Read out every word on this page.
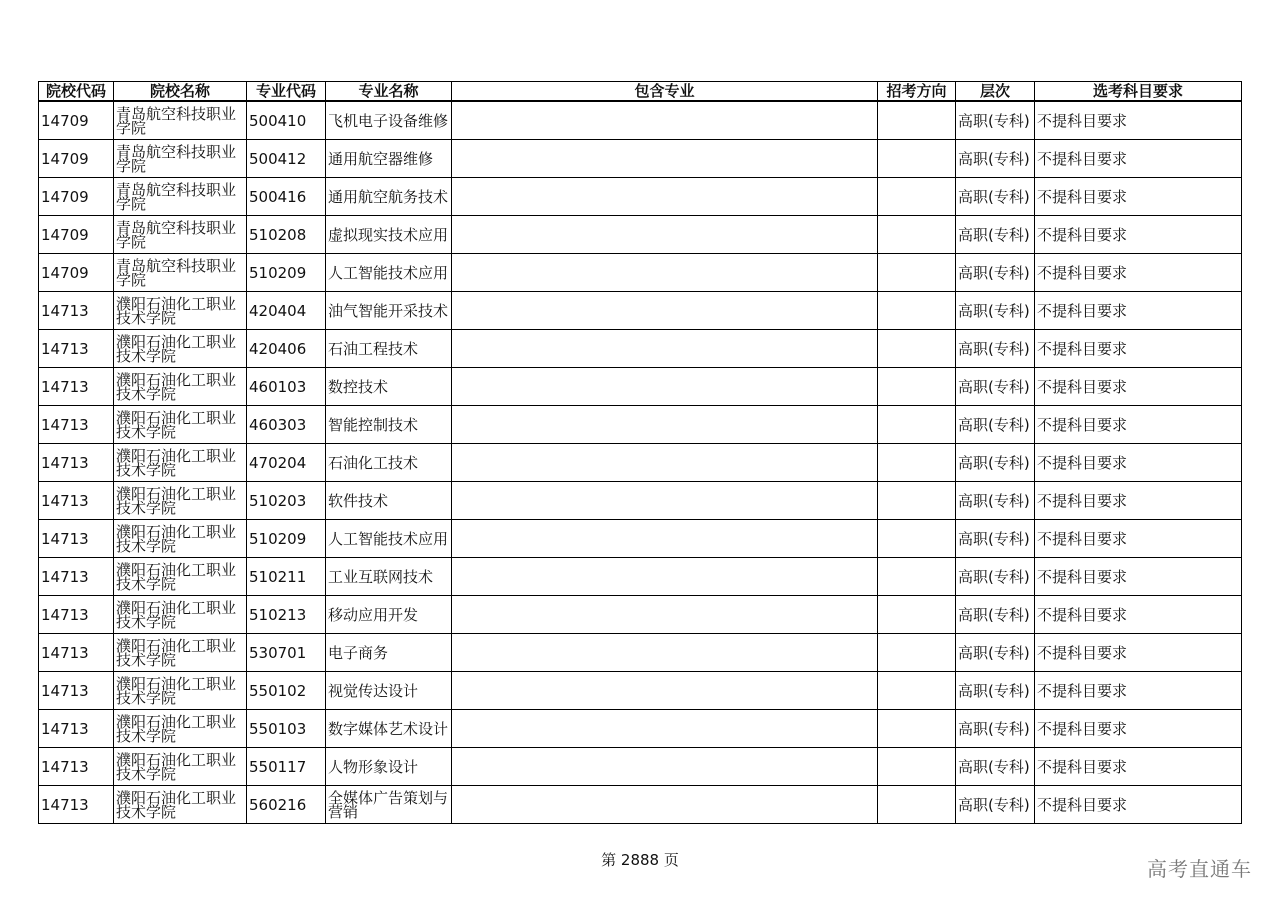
院校代码	院校名称	专业代码	专业名称	包含专业	招考方向	层次	选考科目要求
14709	青岛航空科技职业学院	500410	飞机电子设备维修			高职(专科)	不提科目要求
14709	青岛航空科技职业学院	500412	通用航空器维修			高职(专科)	不提科目要求
14709	青岛航空科技职业学院	500416	通用航空航务技术			高职(专科)	不提科目要求
14709	青岛航空科技职业学院	510208	虚拟现实技术应用			高职(专科)	不提科目要求
14709	青岛航空科技职业学院	510209	人工智能技术应用			高职(专科)	不提科目要求
14713	濮阳石油化工职业技术学院	420404	油气智能开采技术			高职(专科)	不提科目要求
14713	濮阳石油化工职业技术学院	420406	石油工程技术			高职(专科)	不提科目要求
14713	濮阳石油化工职业技术学院	460103	数控技术			高职(专科)	不提科目要求
14713	濮阳石油化工职业技术学院	460303	智能控制技术			高职(专科)	不提科目要求
14713	濮阳石油化工职业技术学院	470204	石油化工技术			高职(专科)	不提科目要求
14713	濮阳石油化工职业技术学院	510203	软件技术			高职(专科)	不提科目要求
14713	濮阳石油化工职业技术学院	510209	人工智能技术应用			高职(专科)	不提科目要求
14713	濮阳石油化工职业技术学院	510211	工业互联网技术			高职(专科)	不提科目要求
14713	濮阳石油化工职业技术学院	510213	移动应用开发			高职(专科)	不提科目要求
14713	濮阳石油化工职业技术学院	530701	电子商务			高职(专科)	不提科目要求
14713	濮阳石油化工职业技术学院	550102	视觉传达设计			高职(专科)	不提科目要求
14713	濮阳石油化工职业技术学院	550103	数字媒体艺术设计			高职(专科)	不提科目要求
14713	濮阳石油化工职业技术学院	550117	人物形象设计			高职(专科)	不提科目要求
14713	濮阳石油化工职业技术学院	560216	全媒体广告策划与营销			高职(专科)	不提科目要求
第 2888 页	高考直通车
